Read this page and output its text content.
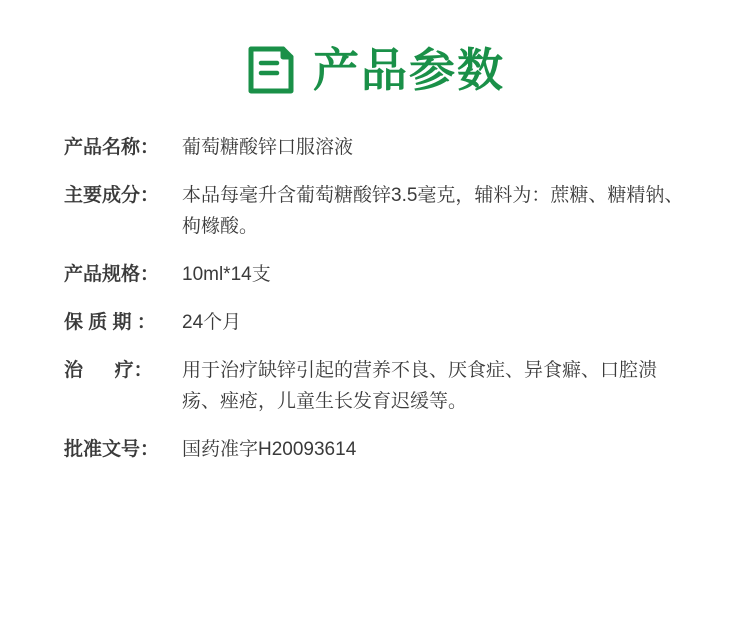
产品参数
产品名称：	葡萄糖酸锌口服溶液
主要成分：	本品每毫升含葡萄糖酸锌3.5毫克，辅料为：蔗糖、糖精钠、枸橼酸。
产品规格：	10ml*14支
保 质 期 ：	24个月
治      疗：	用于治疗缺锌引起的营养不良、厌食症、异食癖、口腔溃疡、痤疮，儿童生长发育迟缓等。
批准文号：	国药准字H20093614
